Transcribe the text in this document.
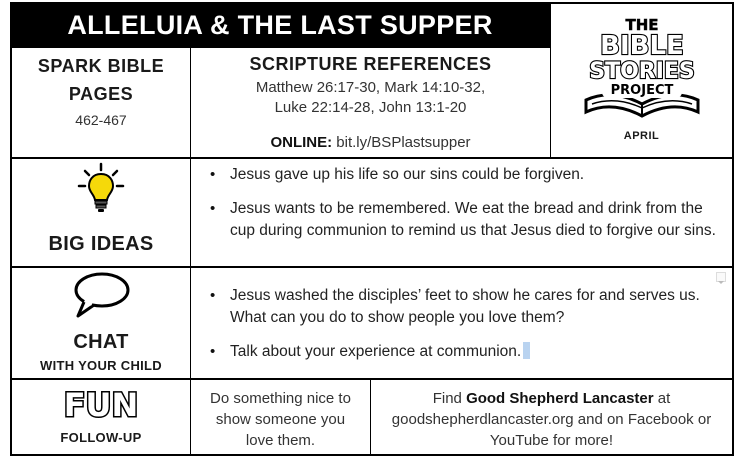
ALLELUIA & THE LAST SUPPER
SPARK BIBLE
PAGES
462-467
SCRIPTURE REFERENCES
Matthew 26:17-30, Mark 14:10-32,
Luke 22:14-28, John 13:1-20
ONLINE: bit.ly/BSPlastsupper
THE
BIBLE
STORIES
PROJECT
APRIL
BIG IDEAS
• Jesus gave up his life so our sins could be forgiven.
• Jesus wants to be remembered. We eat the bread and drink from the cup during communion to remind us that Jesus died to forgive our sins.
CHAT
WITH YOUR CHILD
• Jesus washed the disciples’ feet to show he cares for and serves us. What can you do to show people you love them?
• Talk about your experience at communion.
FUN
FOLLOW-UP
Do something nice to show someone you love them.
Find Good Shepherd Lancaster at goodshepherdlancaster.org and on Facebook or YouTube for more!
